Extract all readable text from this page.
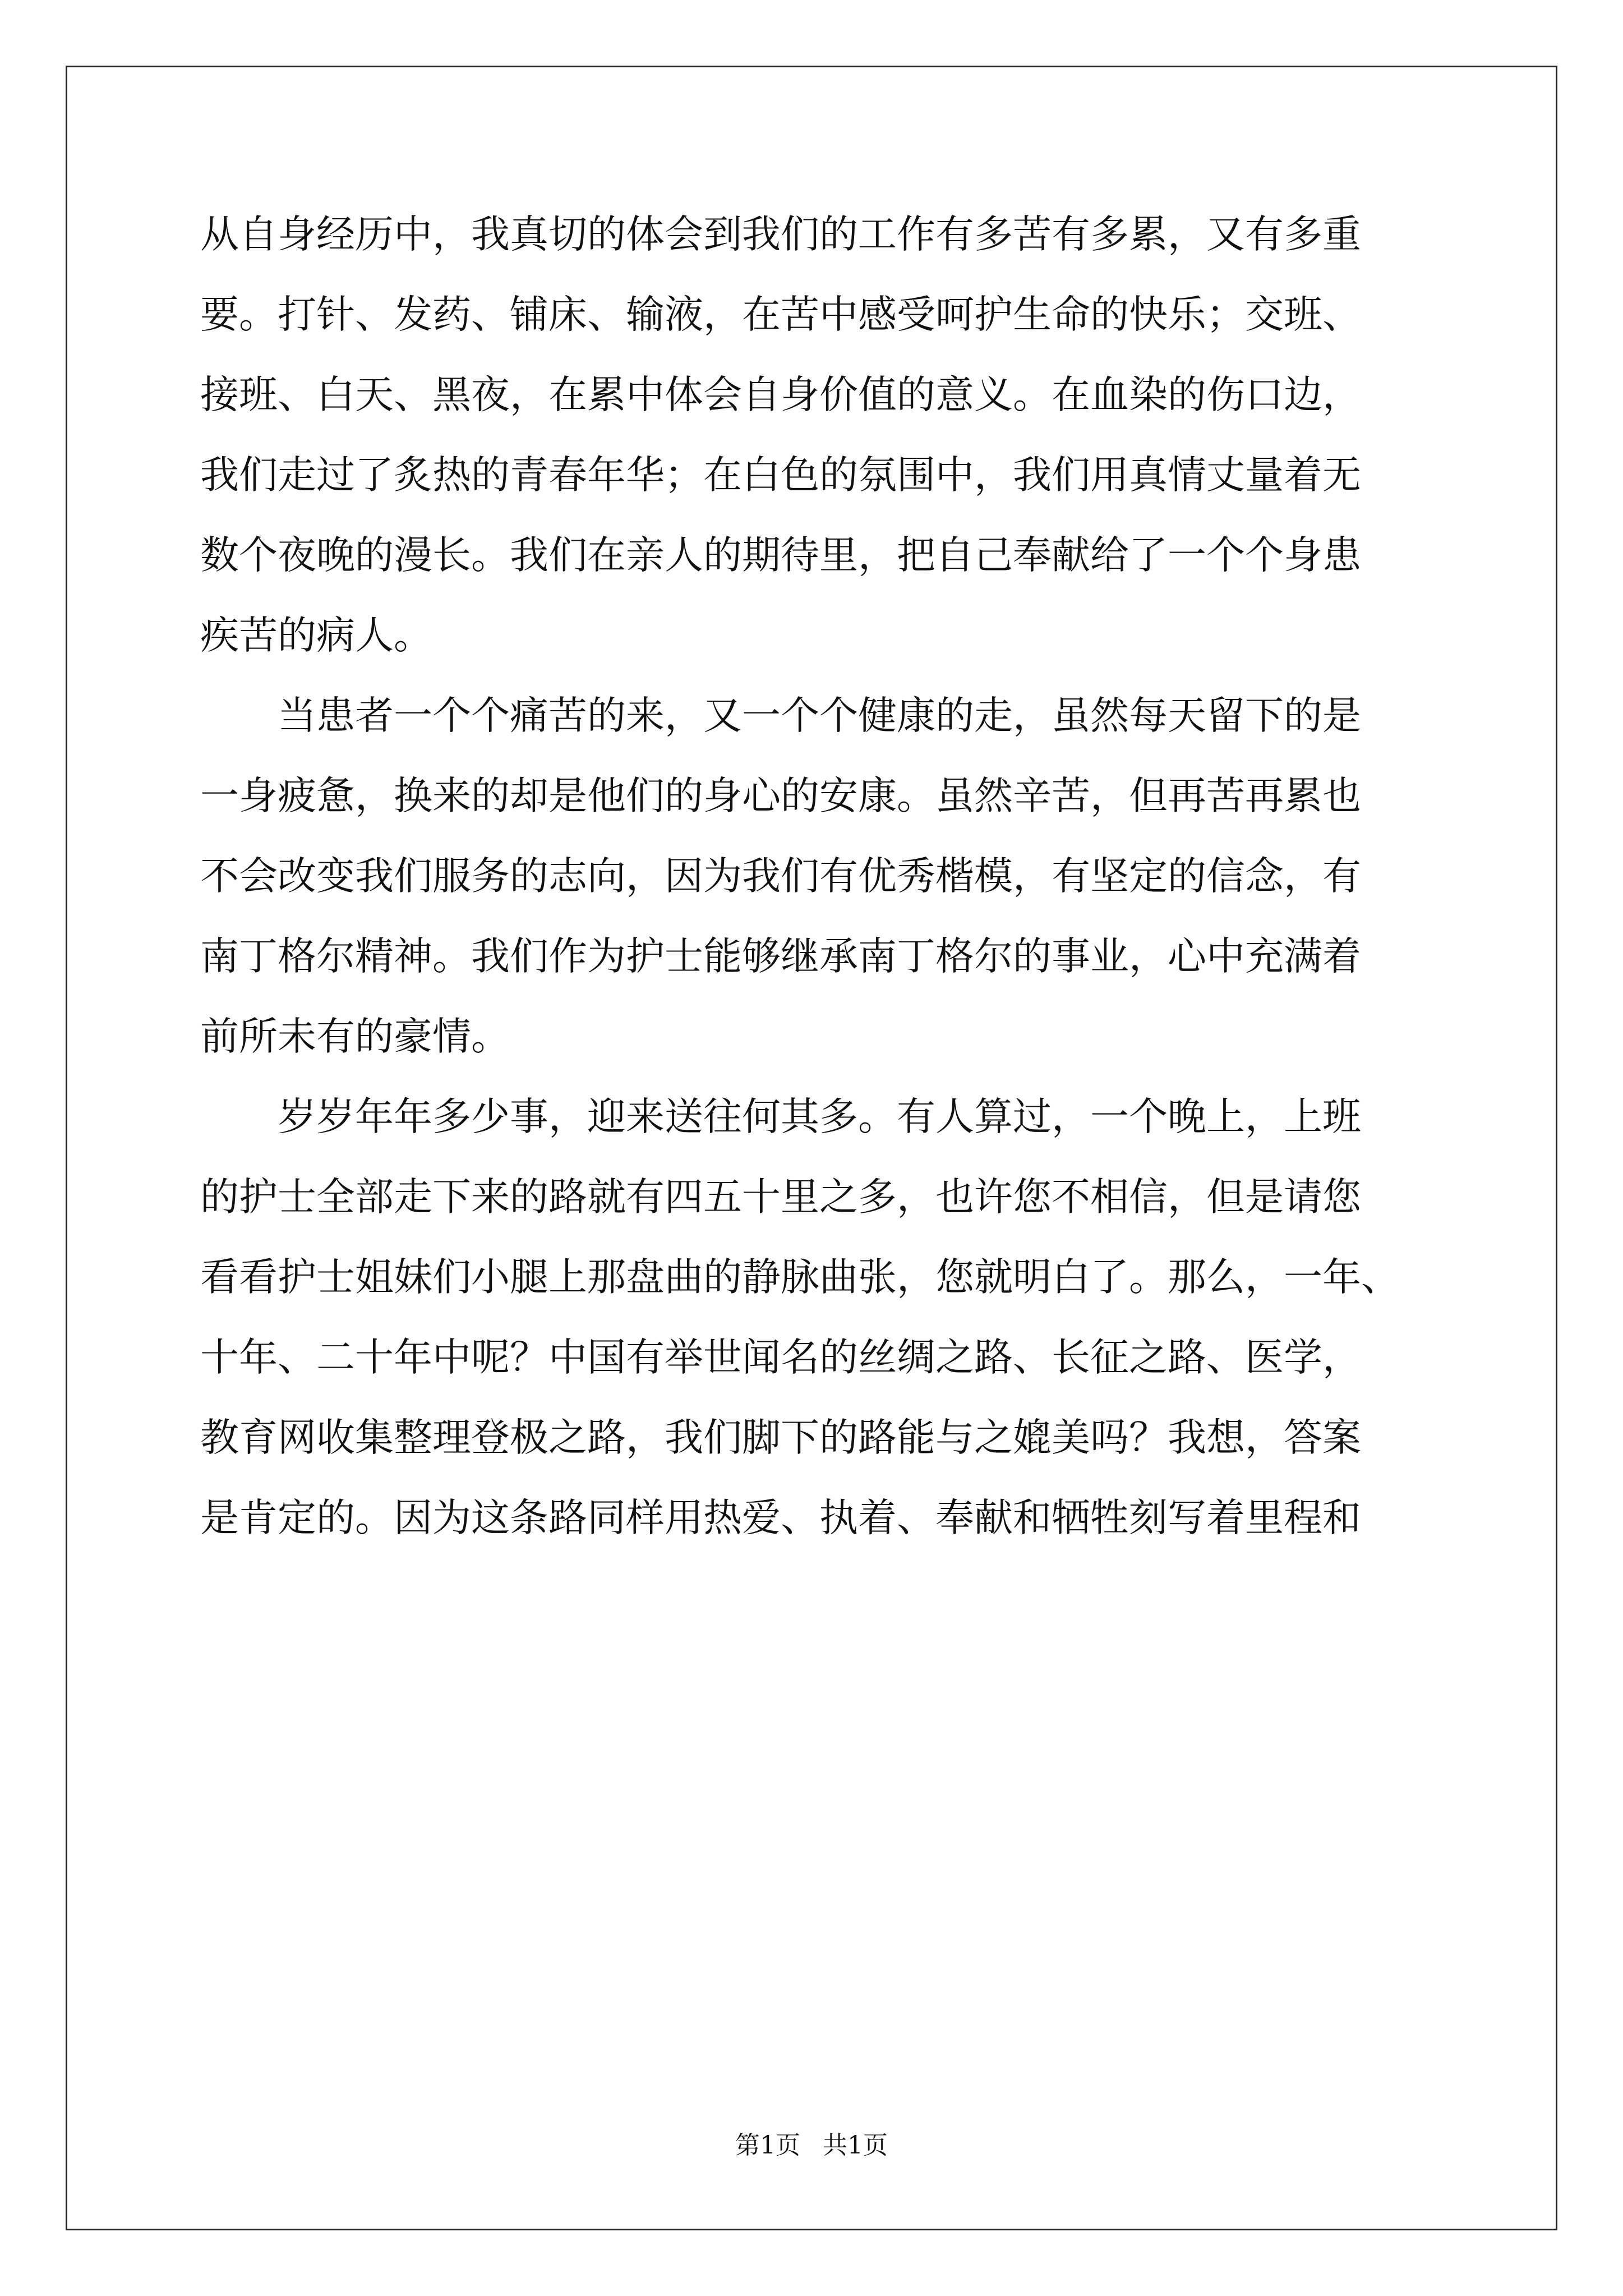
从自身经历中，我真切的体会到我们的工作有多苦有多累，又有多重
要。打针、发药、铺床、输液，在苦中感受呵护生命的快乐；交班、
接班、白天、黑夜，在累中体会自身价值的意义。在血染的伤口边，
我们走过了炙热的青春年华；在白色的氛围中，我们用真情丈量着无
数个夜晚的漫长。我们在亲人的期待里，把自己奉献给了一个个身患
疾苦的病人。
　　当患者一个个痛苦的来，又一个个健康的走，虽然每天留下的是
一身疲惫，换来的却是他们的身心的安康。虽然辛苦，但再苦再累也
不会改变我们服务的志向，因为我们有优秀楷模，有坚定的信念，有
南丁格尔精神。我们作为护士能够继承南丁格尔的事业，心中充满着
前所未有的豪情。
　　岁岁年年多少事，迎来送往何其多。有人算过，一个晚上，上班
的护士全部走下来的路就有四五十里之多，也许您不相信，但是请您
看看护士姐妹们小腿上那盘曲的静脉曲张，您就明白了。那么，一年、
十年、二十年中呢？中国有举世闻名的丝绸之路、长征之路、医学，
教育网收集整理登极之路，我们脚下的路能与之媲美吗？我想，答案
是肯定的。因为这条路同样用热爱、执着、奉献和牺牲刻写着里程和
第1页 共1页
